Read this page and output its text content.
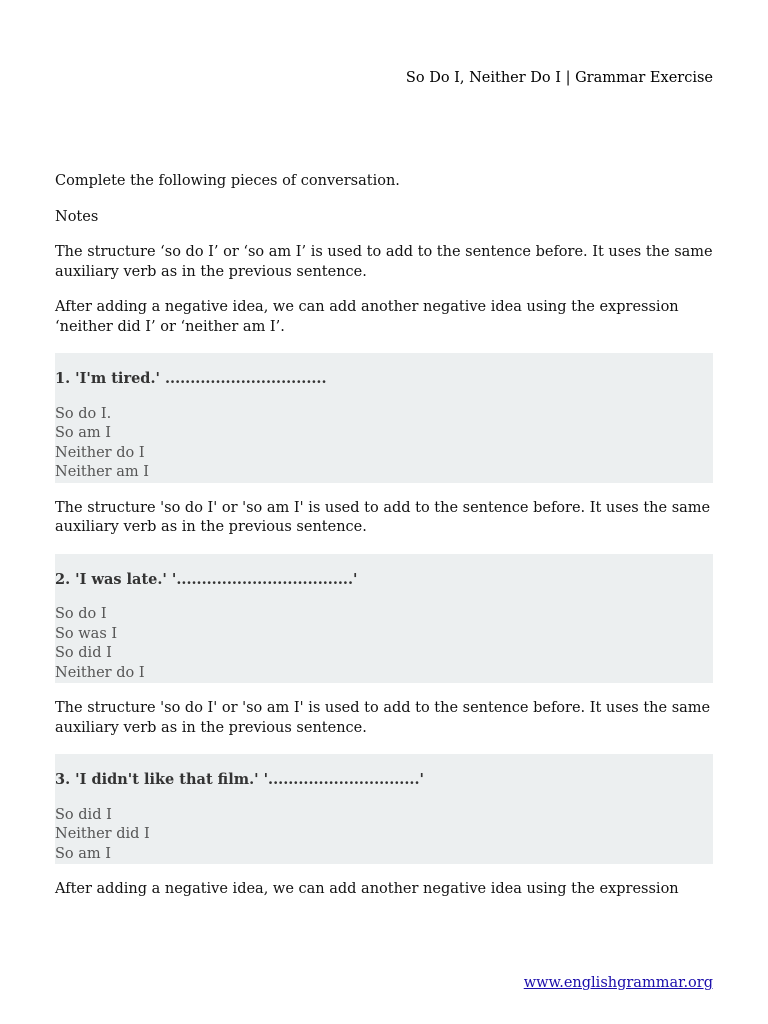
So Do I, Neither Do I | Grammar Exercise

Complete the following pieces of conversation.

Notes

The structure ‘so do I’ or ‘so am I’ is used to add to the sentence before. It uses the same auxiliary verb as in the previous sentence.

After adding a negative idea, we can add another negative idea using the expression ‘neither did I’ or ‘neither am I’.

1. 'I'm tired.' ................................
So do I.
So am I
Neither do I
Neither am I

The structure 'so do I' or 'so am I' is used to add to the sentence before. It uses the same auxiliary verb as in the previous sentence.

2. 'I was late.' '...................................'
So do I
So was I
So did I
Neither do I

The structure 'so do I' or 'so am I' is used to add to the sentence before. It uses the same auxiliary verb as in the previous sentence.

3. 'I didn't like that film.' '..............................'
So did I
Neither did I
So am I

After adding a negative idea, we can add another negative idea using the expression

www.englishgrammar.org
